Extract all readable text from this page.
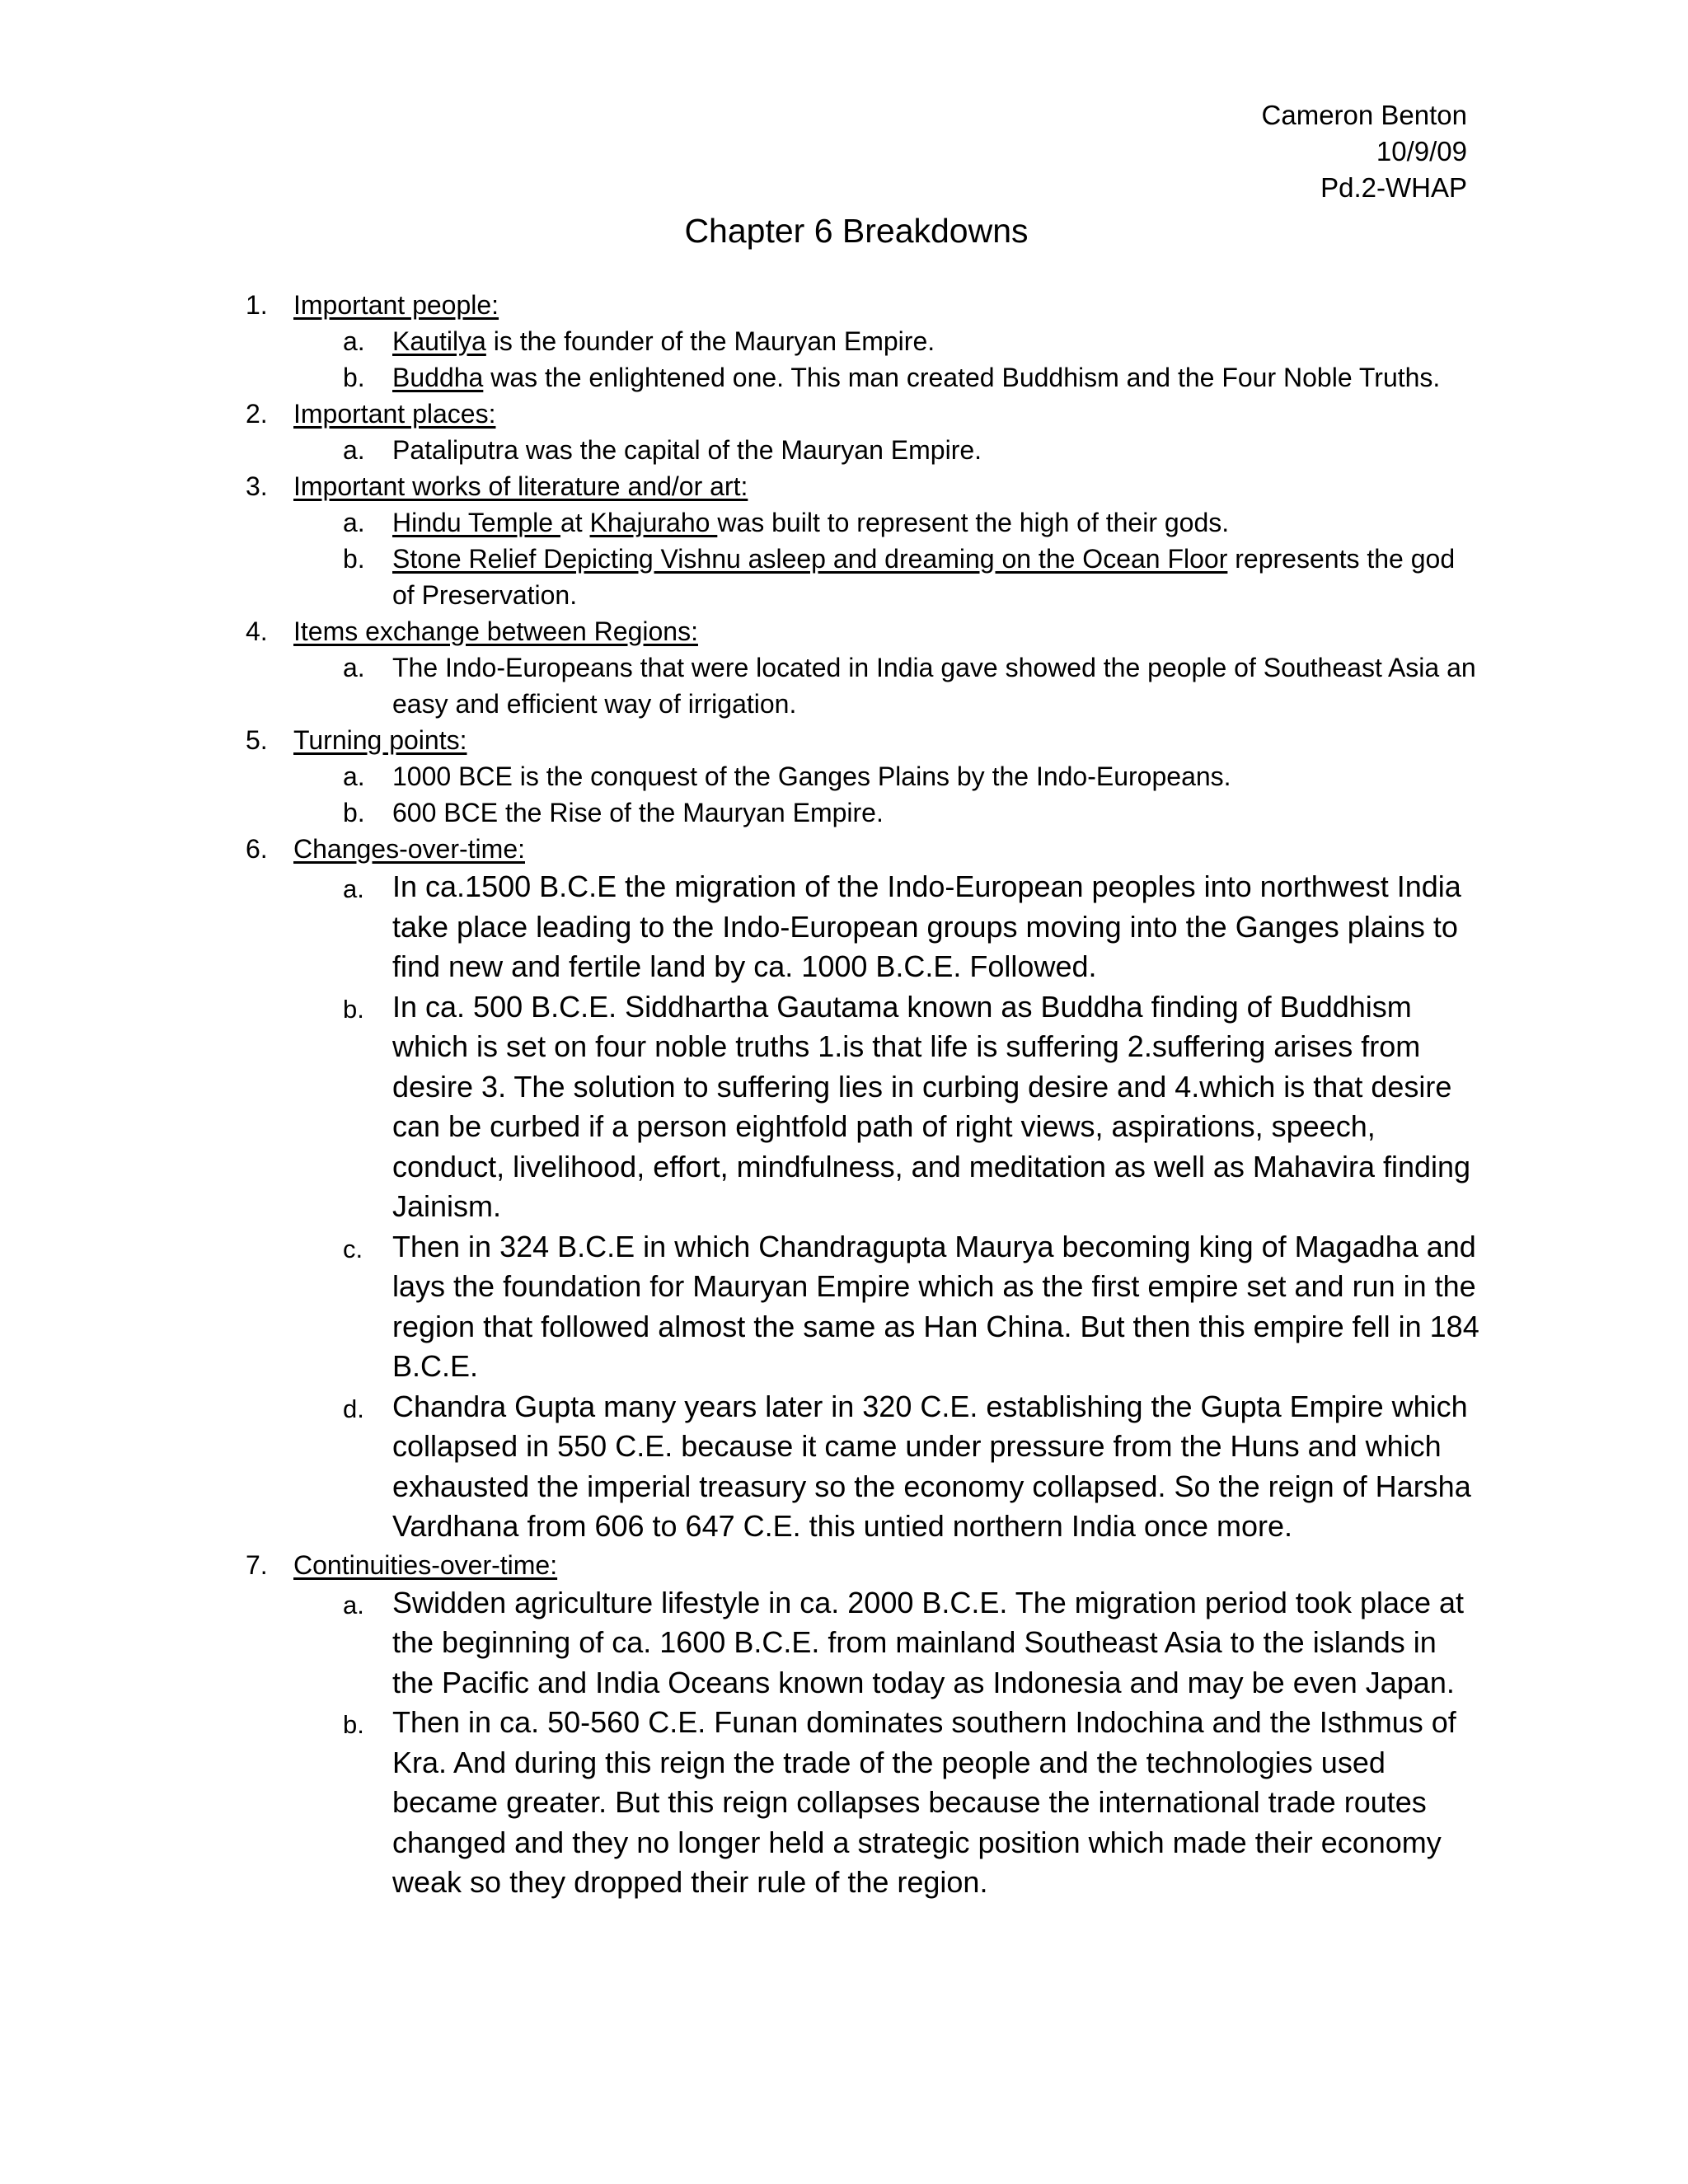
Cameron Benton
10/9/09
Pd.2-WHAP
Chapter 6 Breakdowns
1. Important people:
a. Kautilya is the founder of the Mauryan Empire.
b. Buddha was the enlightened one. This man created Buddhism and the Four Noble Truths.
2. Important places:
a. Pataliputra was the capital of the Mauryan Empire.
3. Important works of literature and/or art:
a. Hindu Temple at Khajuraho was built to represent the high of their gods.
b. Stone Relief Depicting Vishnu asleep and dreaming on the Ocean Floor represents the god of Preservation.
4. Items exchange between Regions:
a. The Indo-Europeans that were located in India gave showed the people of Southeast Asia an easy and efficient way of irrigation.
5. Turning points:
a. 1000 BCE is the conquest of the Ganges Plains by the Indo-Europeans.
b. 600 BCE the Rise of the Mauryan Empire.
6. Changes-over-time:
a. In ca.1500 B.C.E the migration of the Indo-European peoples into northwest India take place leading to the Indo-European groups moving into the Ganges plains to find new and fertile land by ca. 1000 B.C.E. Followed.
b. In ca. 500 B.C.E. Siddhartha Gautama known as Buddha finding of Buddhism which is set on four noble truths 1.is that life is suffering 2.suffering arises from desire 3. The solution to suffering lies in curbing desire and 4.which is that desire can be curbed if a person eightfold path of right views, aspirations, speech, conduct, livelihood, effort, mindfulness, and meditation as well as Mahavira finding Jainism.
c. Then in 324 B.C.E in which Chandragupta Maurya becoming king of Magadha and lays the foundation for Mauryan Empire which as the first empire set and run in the region that followed almost the same as Han China. But then this empire fell in 184 B.C.E.
d. Chandra Gupta many years later in 320 C.E. establishing the Gupta Empire which collapsed in 550 C.E. because it came under pressure from the Huns and which exhausted the imperial treasury so the economy collapsed. So the reign of Harsha Vardhana from 606 to 647 C.E. this untied northern India once more.
7. Continuities-over-time:
a. Swidden agriculture lifestyle in ca. 2000 B.C.E. The migration period took place at the beginning of ca. 1600 B.C.E. from mainland Southeast Asia to the islands in the Pacific and India Oceans known today as Indonesia and may be even Japan.
b. Then in ca. 50-560 C.E. Funan dominates southern Indochina and the Isthmus of Kra. And during this reign the trade of the people and the technologies used became greater. But this reign collapses because the international trade routes changed and they no longer held a strategic position which made their economy weak so they dropped their rule of the region.
